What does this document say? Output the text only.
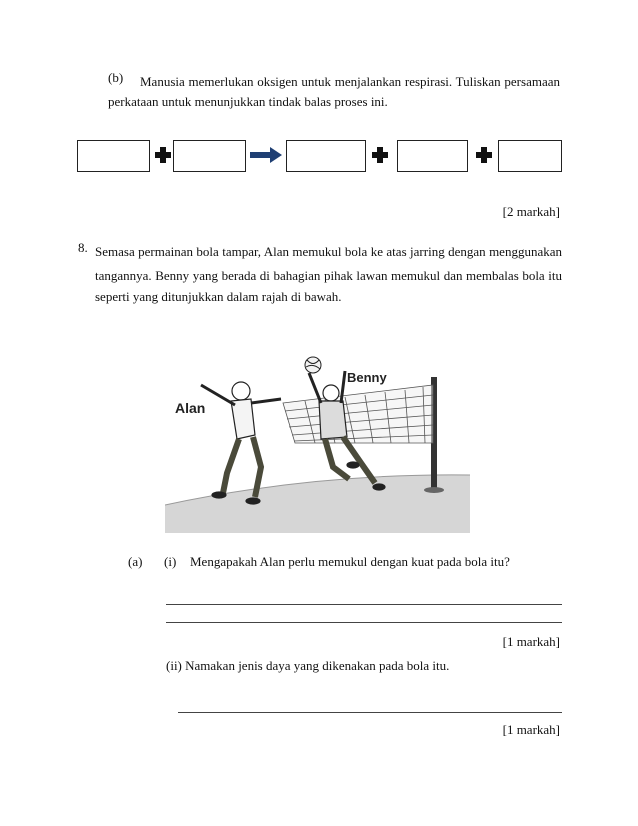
(b) Manusia memerlukan oksigen untuk menjalankan respirasi. Tuliskan persamaan
perkataan untuk menunjukkan tindak balas proses ini.
[2 markah]
8. Semasa permainan bola tampar, Alan memukul bola ke atas jarring dengan menggunakan
tangannya. Benny yang berada di bahagian pihak lawan memukul dan membalas bola itu
seperti yang ditunjukkan dalam rajah di bawah.
Alan
Benny
(a) (i) Mengapakah Alan perlu memukul dengan kuat pada bola itu?
[1 markah]
(ii) Namakan jenis daya yang dikenakan pada bola itu.
[1 markah]
